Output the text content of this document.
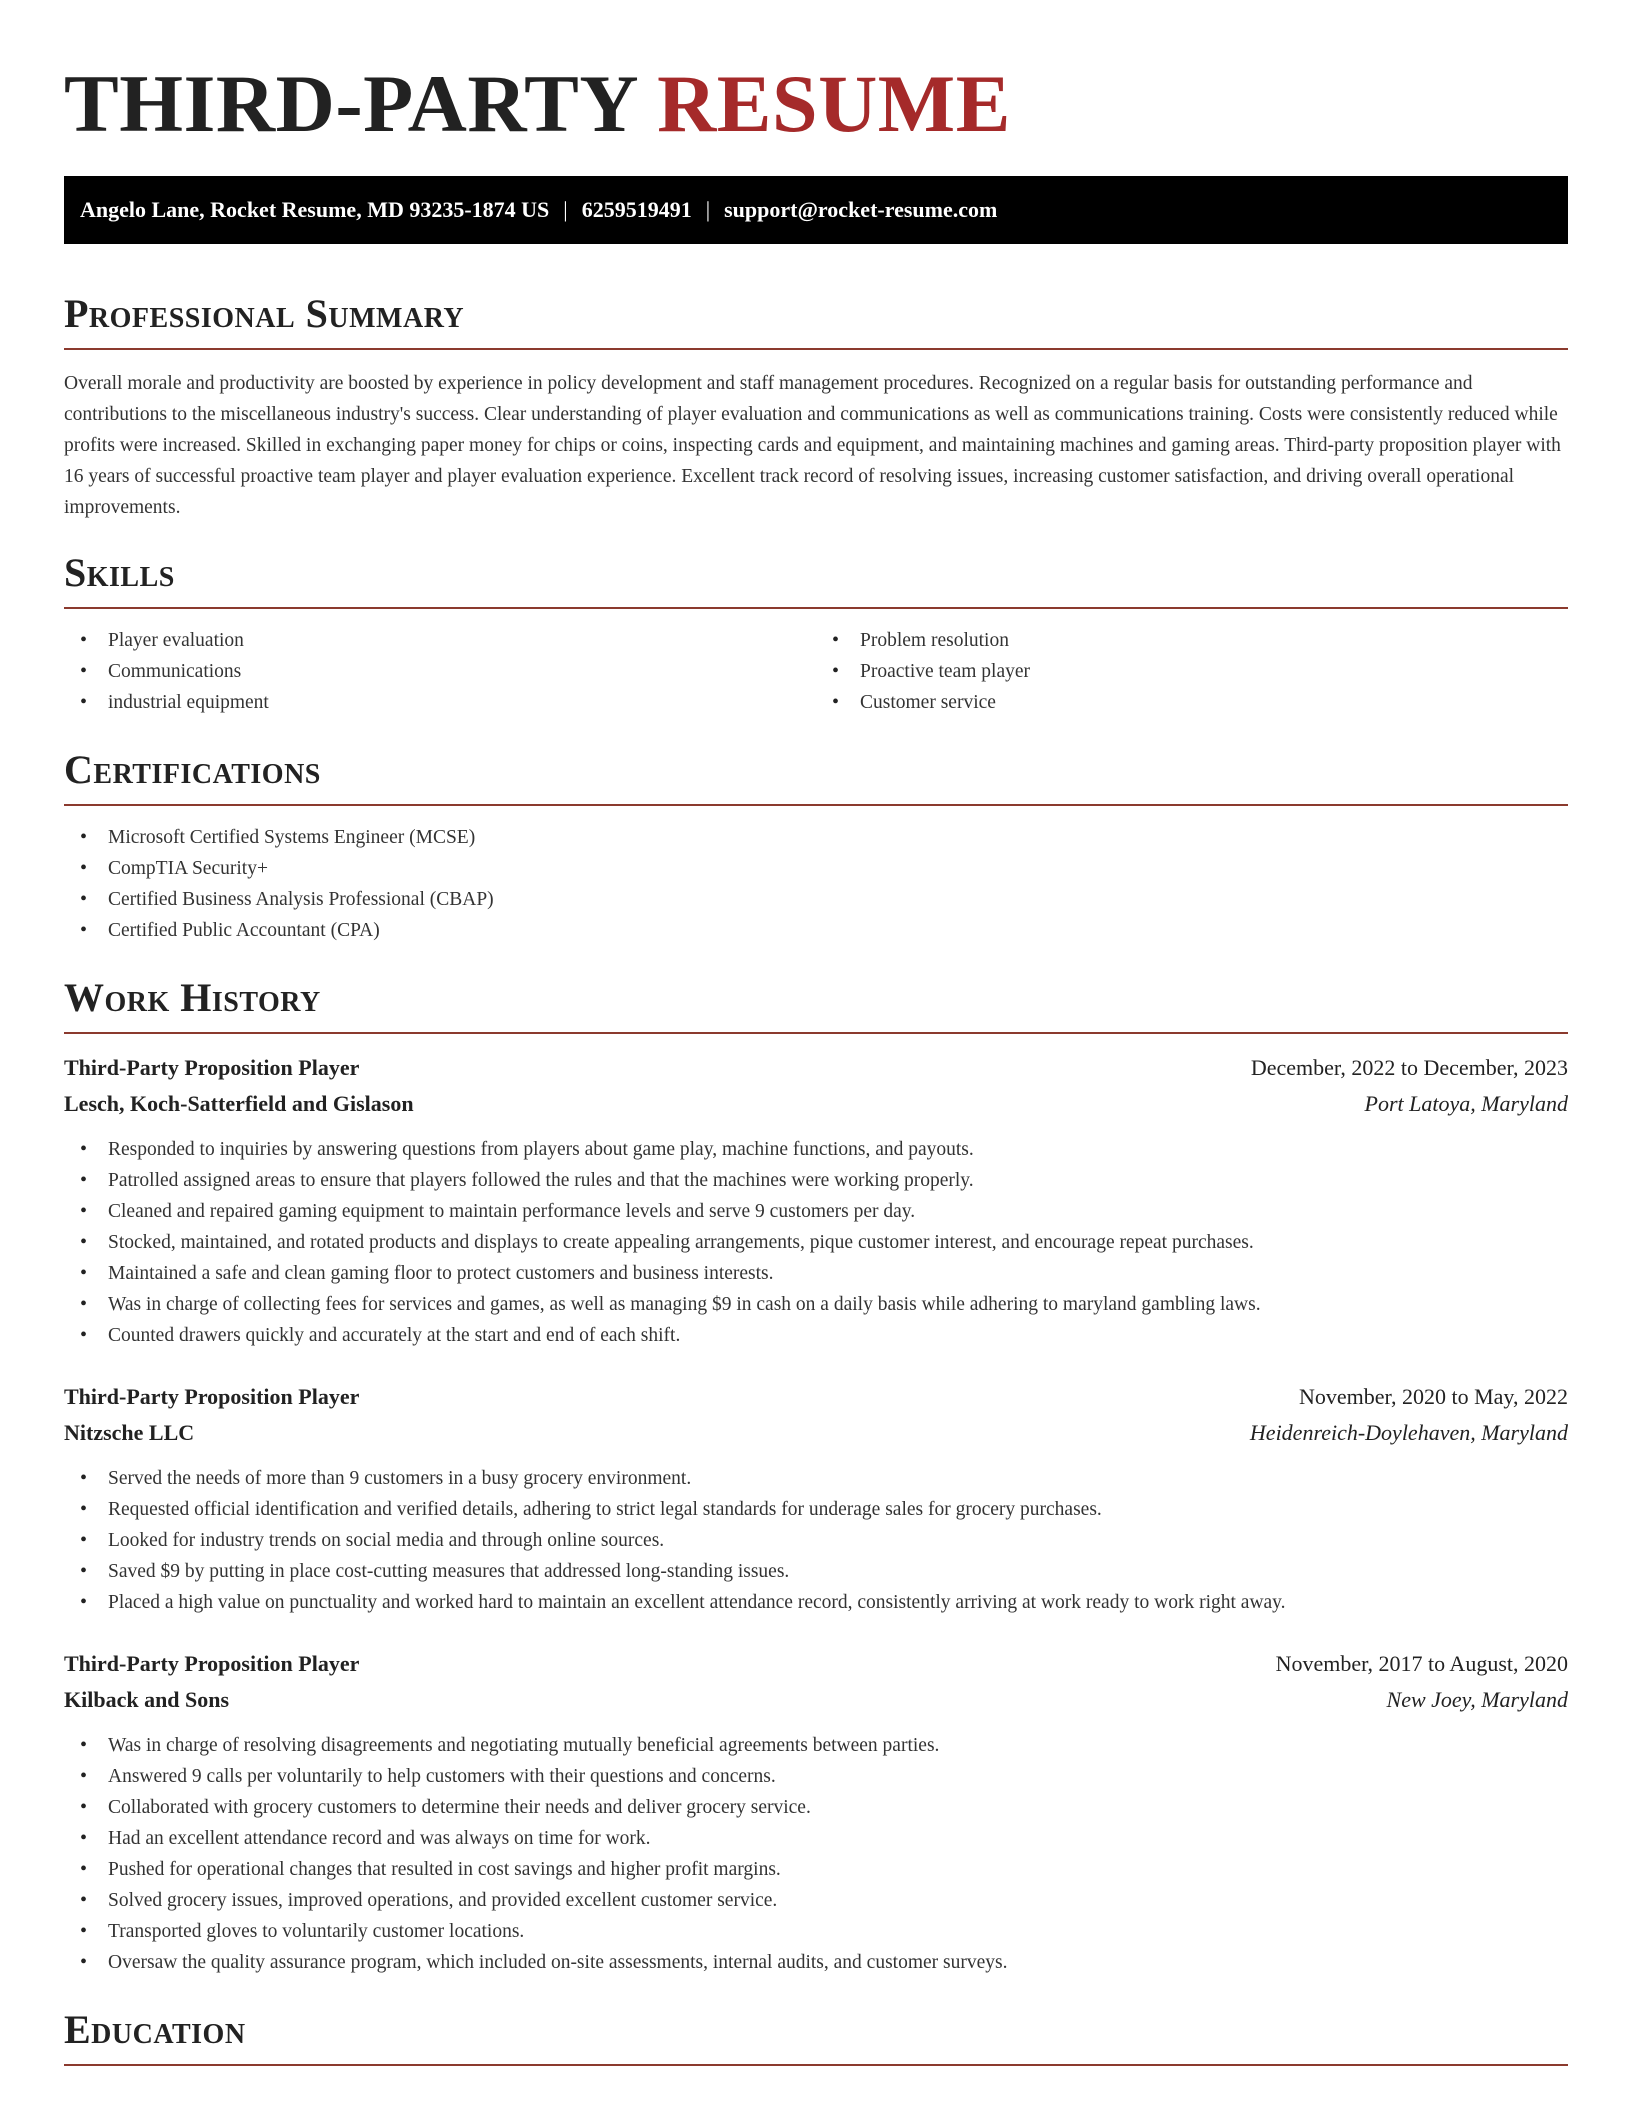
THIRD-PARTY RESUME
Angelo Lane, Rocket Resume, MD 93235-1874 US | 6259519491 | support@rocket-resume.com
Professional Summary

Overall morale and productivity are boosted by experience in policy development and staff management procedures. Recognized on a regular basis for outstanding performance and contributions to the miscellaneous industry's success. Clear understanding of player evaluation and communications as well as communications training. Costs were consistently reduced while profits were increased. Skilled in exchanging paper money for chips or coins, inspecting cards and equipment, and maintaining machines and gaming areas. Third-party proposition player with 16 years of successful proactive team player and player evaluation experience. Excellent track record of resolving issues, increasing customer satisfaction, and driving overall operational improvements.

Skills
• Player evaluation
• Communications
• industrial equipment
• Problem resolution
• Proactive team player
• Customer service
Certifications
• Microsoft Certified Systems Engineer (MCSE)
• CompTIA Security+
• Certified Business Analysis Professional (CBAP)
• Certified Public Accountant (CPA)
Work History
Third-Party Proposition Player	December, 2022 to December, 2023
Lesch, Koch-Satterfield and Gislason	Port Latoya, Maryland
• Responded to inquiries by answering questions from players about game play, machine functions, and payouts.
• Patrolled assigned areas to ensure that players followed the rules and that the machines were working properly.
• Cleaned and repaired gaming equipment to maintain performance levels and serve 9 customers per day.
• Stocked, maintained, and rotated products and displays to create appealing arrangements, pique customer interest, and encourage repeat purchases.
• Maintained a safe and clean gaming floor to protect customers and business interests.
• Was in charge of collecting fees for services and games, as well as managing $9 in cash on a daily basis while adhering to maryland gambling laws.
• Counted drawers quickly and accurately at the start and end of each shift.
Third-Party Proposition Player	November, 2020 to May, 2022
Nitzsche LLC	Heidenreich-Doylehaven, Maryland
• Served the needs of more than 9 customers in a busy grocery environment.
• Requested official identification and verified details, adhering to strict legal standards for underage sales for grocery purchases.
• Looked for industry trends on social media and through online sources.
• Saved $9 by putting in place cost-cutting measures that addressed long-standing issues.
• Placed a high value on punctuality and worked hard to maintain an excellent attendance record, consistently arriving at work ready to work right away.
Third-Party Proposition Player	November, 2017 to August, 2020
Kilback and Sons	New Joey, Maryland
• Was in charge of resolving disagreements and negotiating mutually beneficial agreements between parties.
• Answered 9 calls per voluntarily to help customers with their questions and concerns.
• Collaborated with grocery customers to determine their needs and deliver grocery service.
• Had an excellent attendance record and was always on time for work.
• Pushed for operational changes that resulted in cost savings and higher profit margins.
• Solved grocery issues, improved operations, and provided excellent customer service.
• Transported gloves to voluntarily customer locations.
• Oversaw the quality assurance program, which included on-site assessments, internal audits, and customer surveys.
Education
